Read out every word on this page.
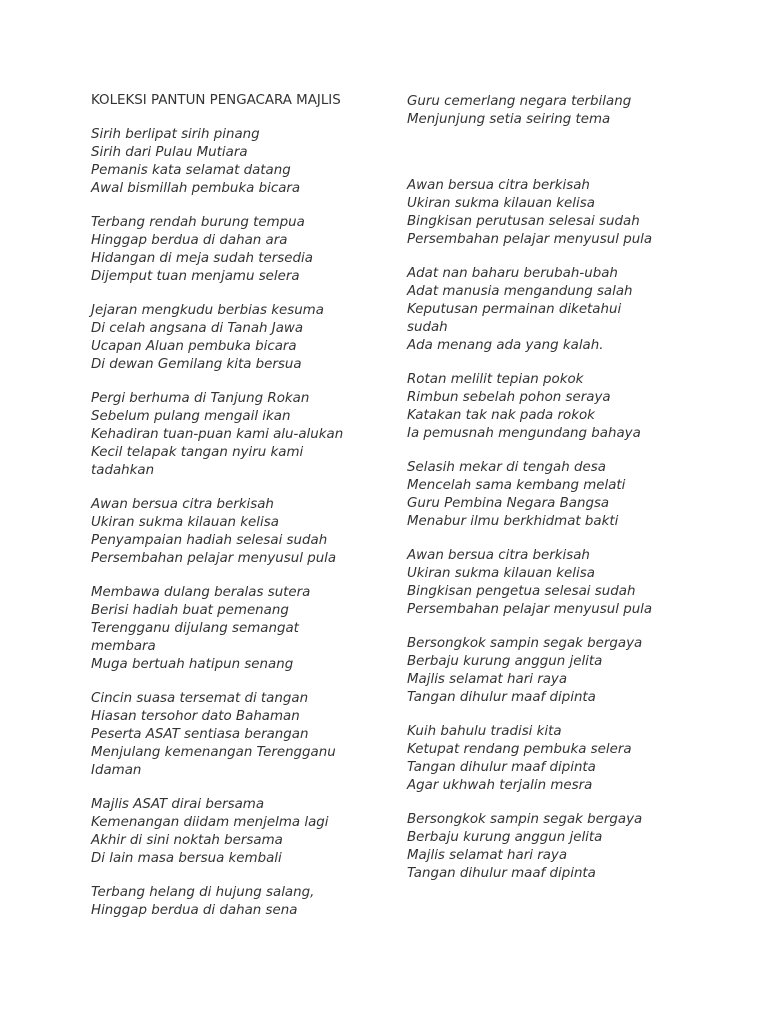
KOLEKSI PANTUN PENGACARA MAJLIS
Sirih berlipat sirih pinang
Sirih dari Pulau Mutiara
Pemanis kata selamat datang
Awal bismillah pembuka bicara
Terbang rendah burung tempua
Hinggap berdua di dahan ara
Hidangan di meja sudah tersedia
Dijemput tuan menjamu selera
Jejaran mengkudu berbias kesuma
Di celah angsana di Tanah Jawa
Ucapan Aluan pembuka bicara
Di dewan Gemilang kita bersua
Pergi berhuma di Tanjung Rokan
Sebelum pulang mengail ikan
Kehadiran tuan-puan kami alu-alukan
Kecil telapak tangan nyiru kami
tadahkan
Awan bersua citra berkisah
Ukiran sukma kilauan kelisa
Penyampaian hadiah selesai sudah
Persembahan pelajar menyusul pula
Membawa dulang beralas sutera
Berisi hadiah buat pemenang
Terengganu dijulang semangat
membara
Muga bertuah hatipun senang
Cincin suasa tersemat di tangan
Hiasan tersohor dato Bahaman
Peserta ASAT sentiasa berangan
Menjulang kemenangan Terengganu
Idaman
Majlis ASAT dirai bersama
Kemenangan diidam menjelma lagi
Akhir di sini noktah bersama
Di lain masa bersua kembali
Terbang helang di hujung salang,
Hinggap berdua di dahan sena
Guru cemerlang negara terbilang
Menjunjung setia seiring tema
Awan bersua citra berkisah
Ukiran sukma kilauan kelisa
Bingkisan perutusan selesai sudah
Persembahan pelajar menyusul pula
Adat nan baharu berubah-ubah
Adat manusia mengandung salah
Keputusan permainan diketahui
sudah
Ada menang ada yang kalah.
Rotan melilit tepian pokok
Rimbun sebelah pohon seraya
Katakan tak nak pada rokok
Ia pemusnah mengundang bahaya
Selasih mekar di tengah desa
Mencelah sama kembang melati
Guru Pembina Negara Bangsa
Menabur ilmu berkhidmat bakti
Awan bersua citra berkisah
Ukiran sukma kilauan kelisa
Bingkisan pengetua selesai sudah
Persembahan pelajar menyusul pula
Bersongkok sampin segak bergaya
Berbaju kurung anggun jelita
Majlis selamat hari raya
Tangan dihulur maaf dipinta
Kuih bahulu tradisi kita
Ketupat rendang pembuka selera
Tangan dihulur maaf dipinta
Agar ukhwah terjalin mesra
Bersongkok sampin segak bergaya
Berbaju kurung anggun jelita
Majlis selamat hari raya
Tangan dihulur maaf dipinta
